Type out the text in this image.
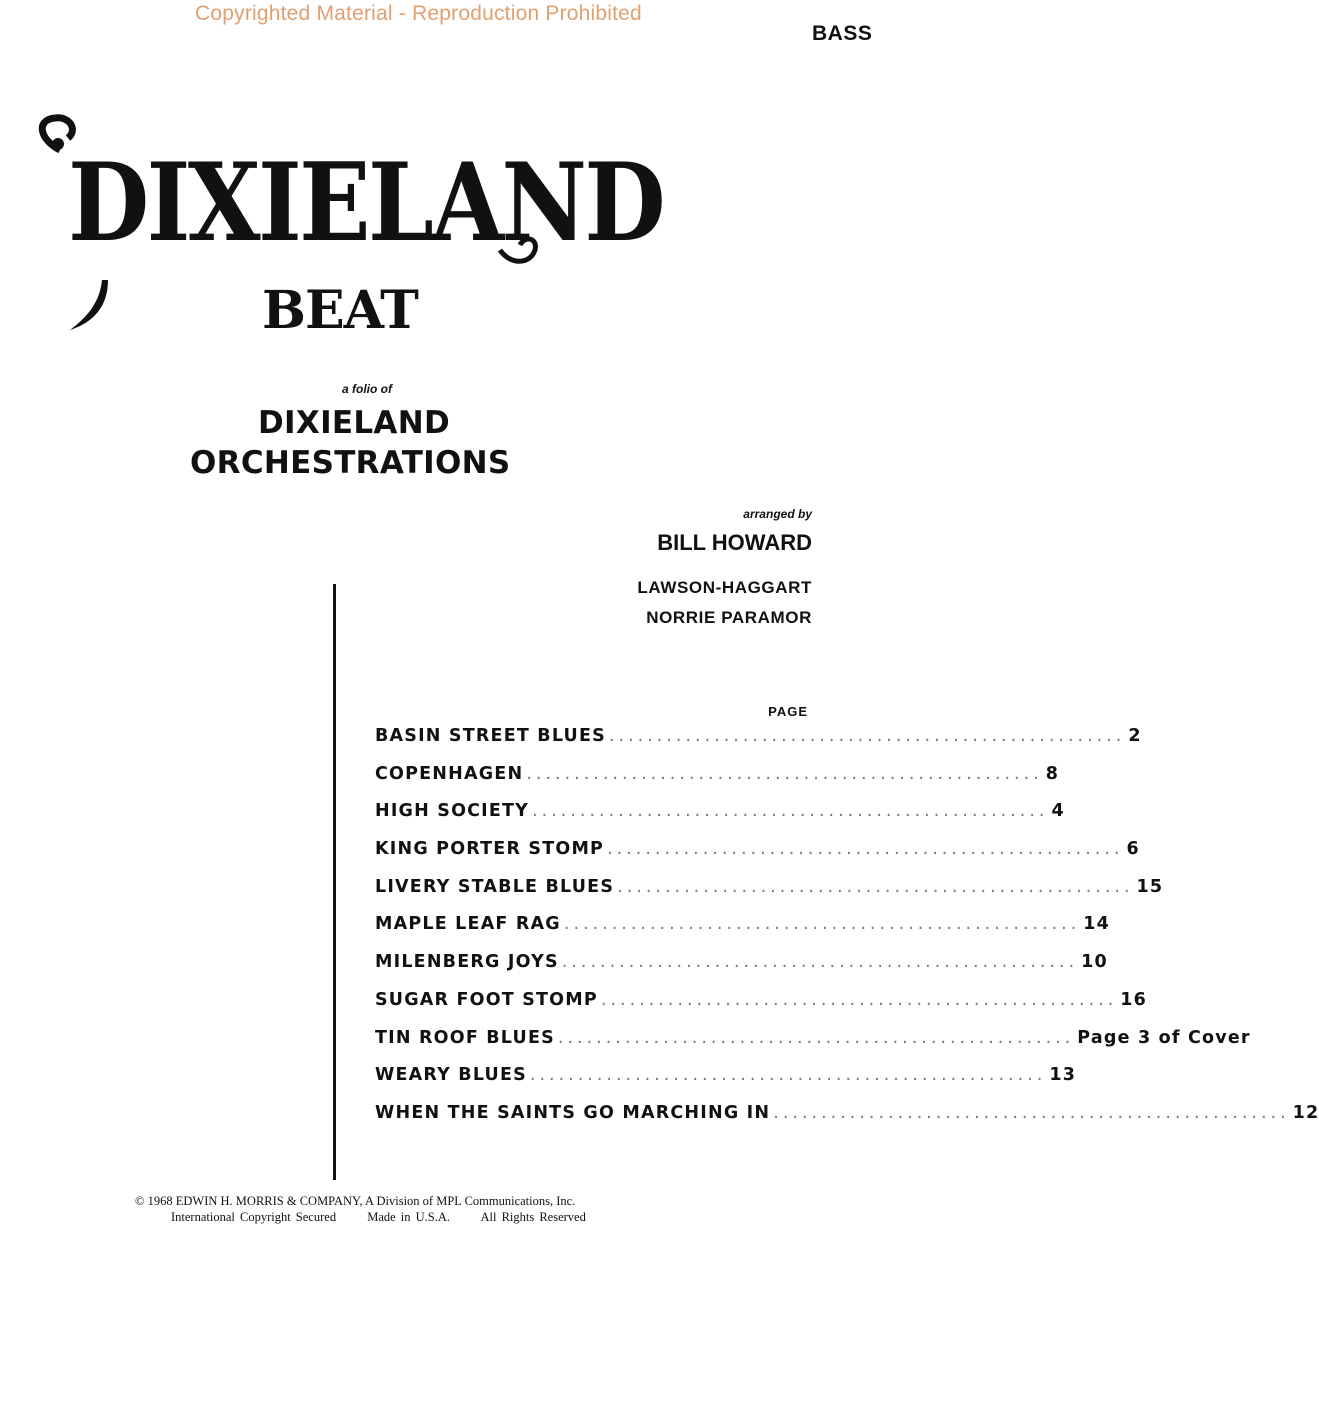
Copyrighted Material - Reproduction Prohibited
BASS
DIXIELAND
BEAT
a folio of
DIXIELAND
ORCHESTRATIONS
arranged by
BILL HOWARD
LAWSON-HAGGART
NORRIE PARAMOR
PAGE
BASIN STREET BLUES ...................................................... 2
COPENHAGEN ...................................................... 8
HIGH SOCIETY ...................................................... 4
KING PORTER STOMP ...................................................... 6
LIVERY STABLE BLUES ...................................................... 15
MAPLE LEAF RAG ...................................................... 14
MILENBERG JOYS ...................................................... 10
SUGAR FOOT STOMP ...................................................... 16
TIN ROOF BLUES ...................................................... Page 3 of Cover
WEARY BLUES ...................................................... 13
WHEN THE SAINTS GO MARCHING IN ...................................................... 12
© 1968 EDWIN H. MORRIS & COMPANY, A Division of MPL Communications, Inc.
International Copyright Secured Made in U.S.A. All Rights Reserved
